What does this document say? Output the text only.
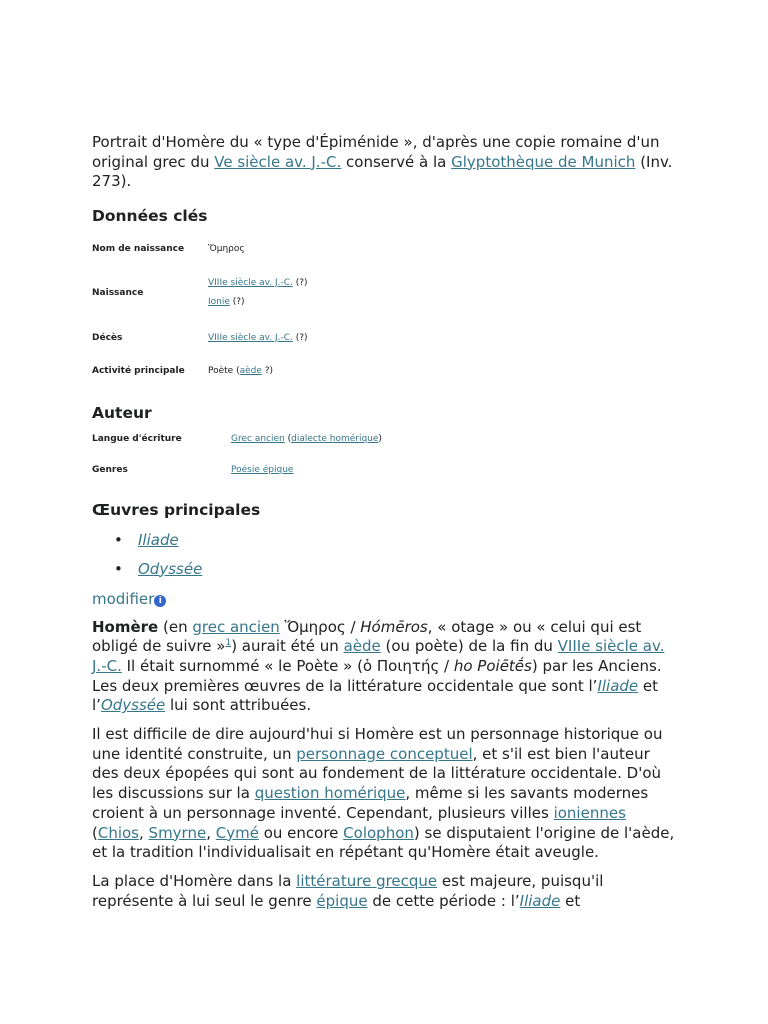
Portrait d'Homère du « type d'Épiménide », d'après une copie romaine d'un original grec du Ve siècle av. J.-C. conservé à la Glyptothèque de Munich (Inv. 273).

Données clés
Nom de naissance	Ὅμηρος
Naissance	VIIIe siècle av. J.-C. (?)
Ionie (?)

Décès	VIIIe siècle av. J.-C. (?)
Activité principale	Poète (aède ?)
Auteur
Langue d'écriture	Grec ancien (dialecte homérique)
Genres	Poésie épique
Œuvres principales
• Iliade
• Odyssée
modifier i

Homère (en grec ancien Ὅμηρος / Hómēros, « otage » ou « celui qui est obligé de suivre »$^1$) aurait été un aède (ou poète) de la fin du VIIIe siècle av. J.-C. Il était surnommé « le Poète » (ὁ Ποιητής / ho Poiētḗs) par les Anciens. Les deux premières œuvres de la littérature occidentale que sont l’Iliade et l’Odyssée lui sont attribuées.

Il est difficile de dire aujourd'hui si Homère est un personnage historique ou une identité construite, un personnage conceptuel, et s'il est bien l'auteur des deux épopées qui sont au fondement de la littérature occidentale. D'où les discussions sur la question homérique, même si les savants modernes croient à un personnage inventé. Cependant, plusieurs villes ioniennes (Chios, Smyrne, Cymé ou encore Colophon) se disputaient l'origine de l'aède, et la tradition l'individualisait en répétant qu'Homère était aveugle.

La place d'Homère dans la littérature grecque est majeure, puisqu'il représente à lui seul le genre épique de cette période : l’Iliade et
